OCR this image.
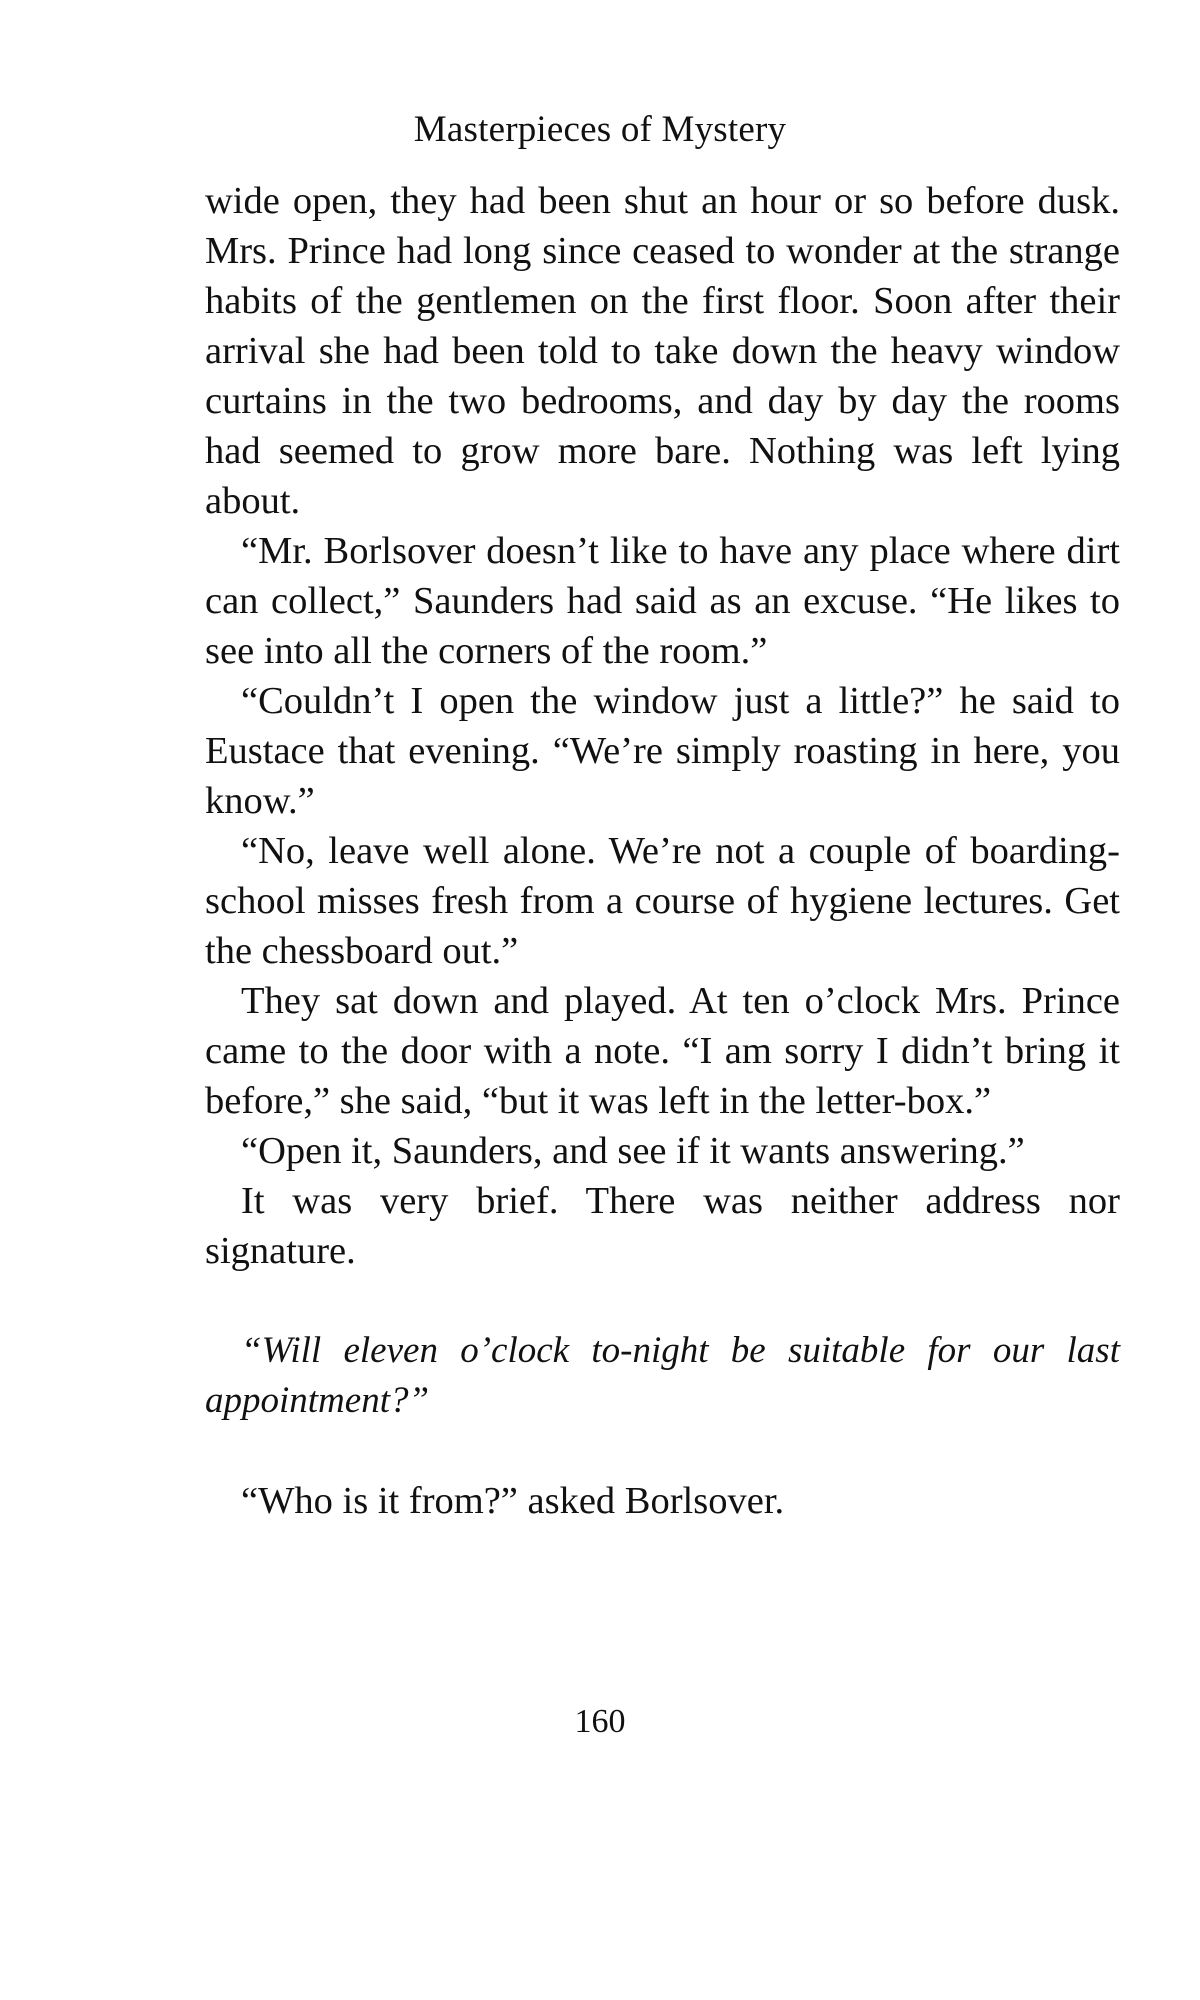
Masterpieces of Mystery

wide open, they had been shut an hour or so before dusk. Mrs. Prince had long since ceased to wonder at the strange habits of the gentlemen on the first floor. Soon after their arrival she had been told to take down the heavy window curtains in the two bedrooms, and day by day the rooms had seemed to grow more bare. Nothing was left lying about.

“Mr. Borlsover doesn’t like to have any place where dirt can collect,” Saunders had said as an excuse. “He likes to see into all the corners of the room.”

“Couldn’t I open the window just a little?” he said to Eustace that evening. “We’re simply roasting in here, you know.”

“No, leave well alone. We’re not a couple of boarding-school misses fresh from a course of hygiene lectures. Get the chessboard out.”

They sat down and played. At ten o’clock Mrs. Prince came to the door with a note. “I am sorry I didn’t bring it before,” she said, “but it was left in the letter-box.”

“Open it, Saunders, and see if it wants answering.”

It was very brief. There was neither address nor signature.

“Will eleven o’clock to-night be suitable for our last appointment?”

“Who is it from?” asked Borlsover.

160
